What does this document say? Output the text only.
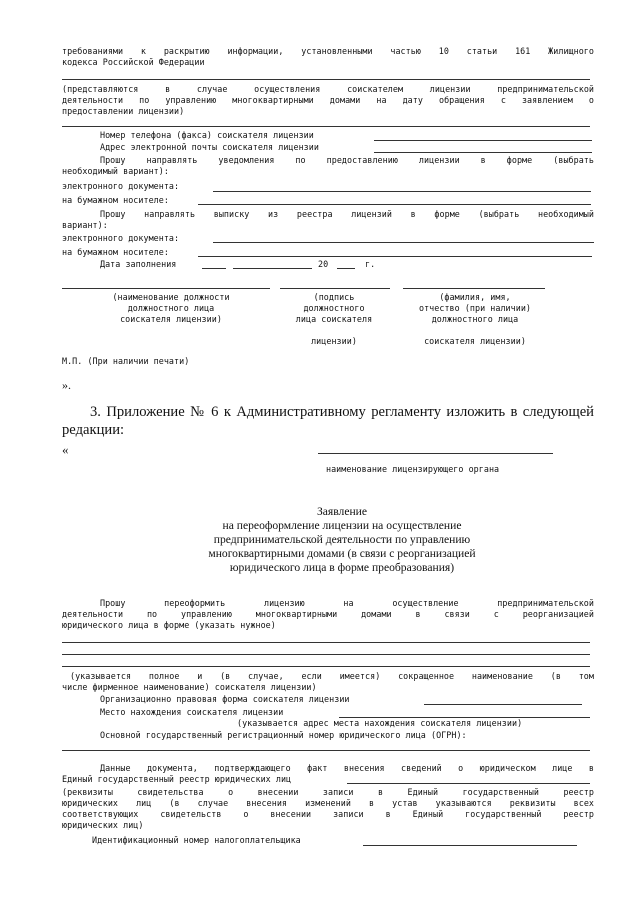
требованиями к раскрытию информации, установленными частью 10 статьи 161 Жилищного
кодекса Российской Федерации
(представляются в случае осуществления соискателем лицензии предпринимательской
деятельности по управлению многоквартирными домами на дату обращения с заявлением о
предоставлении лицензии)
Номер телефона (факса) соискателя лицензии
Адрес электронной почты соискателя лицензии
Прошу направлять уведомления по предоставлению лицензии в форме (выбрать
необходимый вариант):
электронного документа:
на бумажном носителе:
Прошу направлять выписку из реестра лицензий в форме (выбрать необходимый
вариант):
электронного документа:
на бумажном носителе:
Дата заполнения	20	г.
(наименование должности
должностного лица
соискателя лицензии)
(подпись
должностного
лица соискателя
лицензии)
(фамилия, имя,
отчество (при наличии)
должностного лица
соискателя лицензии)
М.П. (При наличии печати)
».
3. Приложение № 6 к Административному регламенту изложить в следующей
редакции:
«
наименование лицензирующего органа
Заявление
на переоформление лицензии на осуществление
предпринимательской деятельности по управлению
многоквартирными домами (в связи с реорганизацией
юридического лица в форме преобразования)
Прошу переоформить лицензию на осуществление предпринимательской
деятельности по управлению многоквартирными домами в связи с реорганизацией
юридического лица в форме (указать нужное)
(указывается полное и (в случае, если имеется) сокращенное наименование (в том
числе фирменное наименование) соискателя лицензии)
Организационно правовая форма соискателя лицензии
Место нахождения соискателя лицензии
(указывается адрес места нахождения соискателя лицензии)
Основной государственный регистрационный номер юридического лица (ОГРН):
Данные документа, подтверждающего факт внесения сведений о юридическом лице в
Единый государственный реестр юридических лиц
(реквизиты свидетельства о внесении записи в Единый государственный реестр
юридических лиц (в случае внесения изменений в устав указываются реквизиты всех
соответствующих свидетельств о внесении записи в Единый государственный реестр
юридических лиц)
Идентификационный номер налогоплательщика
